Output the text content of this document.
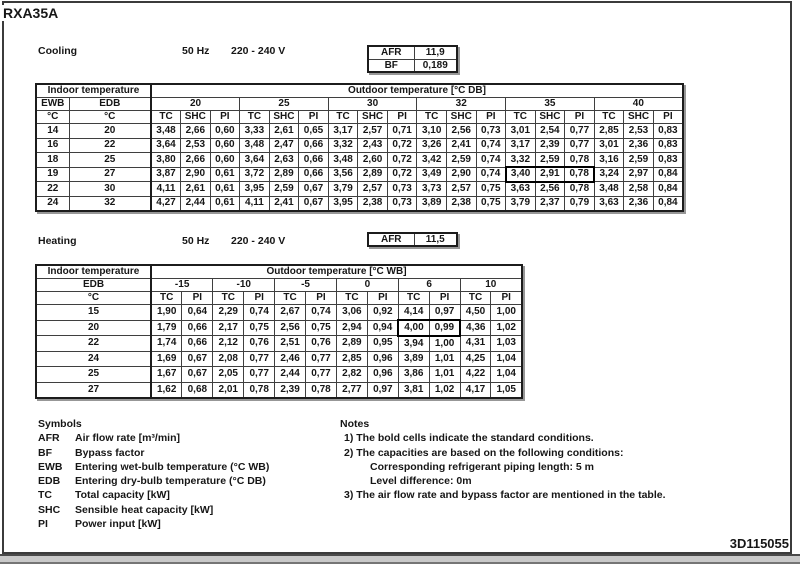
RXA35A
Cooling	50 Hz 220 - 240 V	AFR	11,9
BF	0,189
Indoor temperature		Outdoor temperature [°C DB]																	
EWB	EDB	20			25			30			32			35			40		
°C	°C	TC	SHC	PI	TC	SHC	PI	TC	SHC	PI	TC	SHC	PI	TC	SHC	PI	TC	SHC	PI
14	20	3,48	2,66	0,60	3,33	2,61	0,65	3,17	2,57	0,71	3,10	2,56	0,73	3,01	2,54	0,77	2,85	2,53	0,83
16	22	3,64	2,53	0,60	3,48	2,47	0,66	3,32	2,43	0,72	3,26	2,41	0,74	3,17	2,39	0,77	3,01	2,36	0,83
18	25	3,80	2,66	0,60	3,64	2,63	0,66	3,48	2,60	0,72	3,42	2,59	0,74	3,32	2,59	0,78	3,16	2,59	0,83
19	27	3,87	2,90	0,61	3,72	2,89	0,66	3,56	2,89	0,72	3,49	2,90	0,74	3,40	2,91	0,78	3,24	2,97	0,84
22	30	4,11	2,61	0,61	3,95	2,59	0,67	3,79	2,57	0,73	3,73	2,57	0,75	3,63	2,56	0,78	3,48	2,58	0,84
24	32	4,27	2,44	0,61	4,11	2,41	0,67	3,95	2,38	0,73	3,89	2,38	0,75	3,79	2,37	0,79	3,63	2,36	0,84
Heating	50 Hz 220 - 240 V	AFR	11,5
Indoor temperature	Outdoor temperature [°C WB]											
EDB	-15		-10		-5		0		6		10	
°C	TC	PI	TC	PI	TC	PI	TC	PI	TC	PI	TC	PI
15	1,90	0,64	2,29	0,74	2,67	0,74	3,06	0,92	4,14	0,97	4,50	1,00
20	1,79	0,66	2,17	0,75	2,56	0,75	2,94	0,94	4,00	0,99	4,36	1,02
22	1,74	0,66	2,12	0,76	2,51	0,76	2,89	0,95	3,94	1,00	4,31	1,03
24	1,69	0,67	2,08	0,77	2,46	0,77	2,85	0,96	3,89	1,01	4,25	1,04
25	1,67	0,67	2,05	0,77	2,44	0,77	2,82	0,96	3,86	1,01	4,22	1,04
27	1,62	0,68	2,01	0,78	2,39	0,78	2,77	0,97	3,81	1,02	4,17	1,05
Symbols
AFR	Air flow rate [m³/min]
BF	Bypass factor
EWB	Entering wet-bulb temperature (°C WB)
EDB	Entering dry-bulb temperature (°C DB)
TC	Total capacity [kW]
SHC	Sensible heat capacity [kW]
PI	Power input [kW]
Notes
1) The bold cells indicate the standard conditions.
2) The capacities are based on the following conditions:
Corresponding refrigerant piping length: 5 m
Level difference: 0m
3) The air flow rate and bypass factor are mentioned in the table.
3D115055
